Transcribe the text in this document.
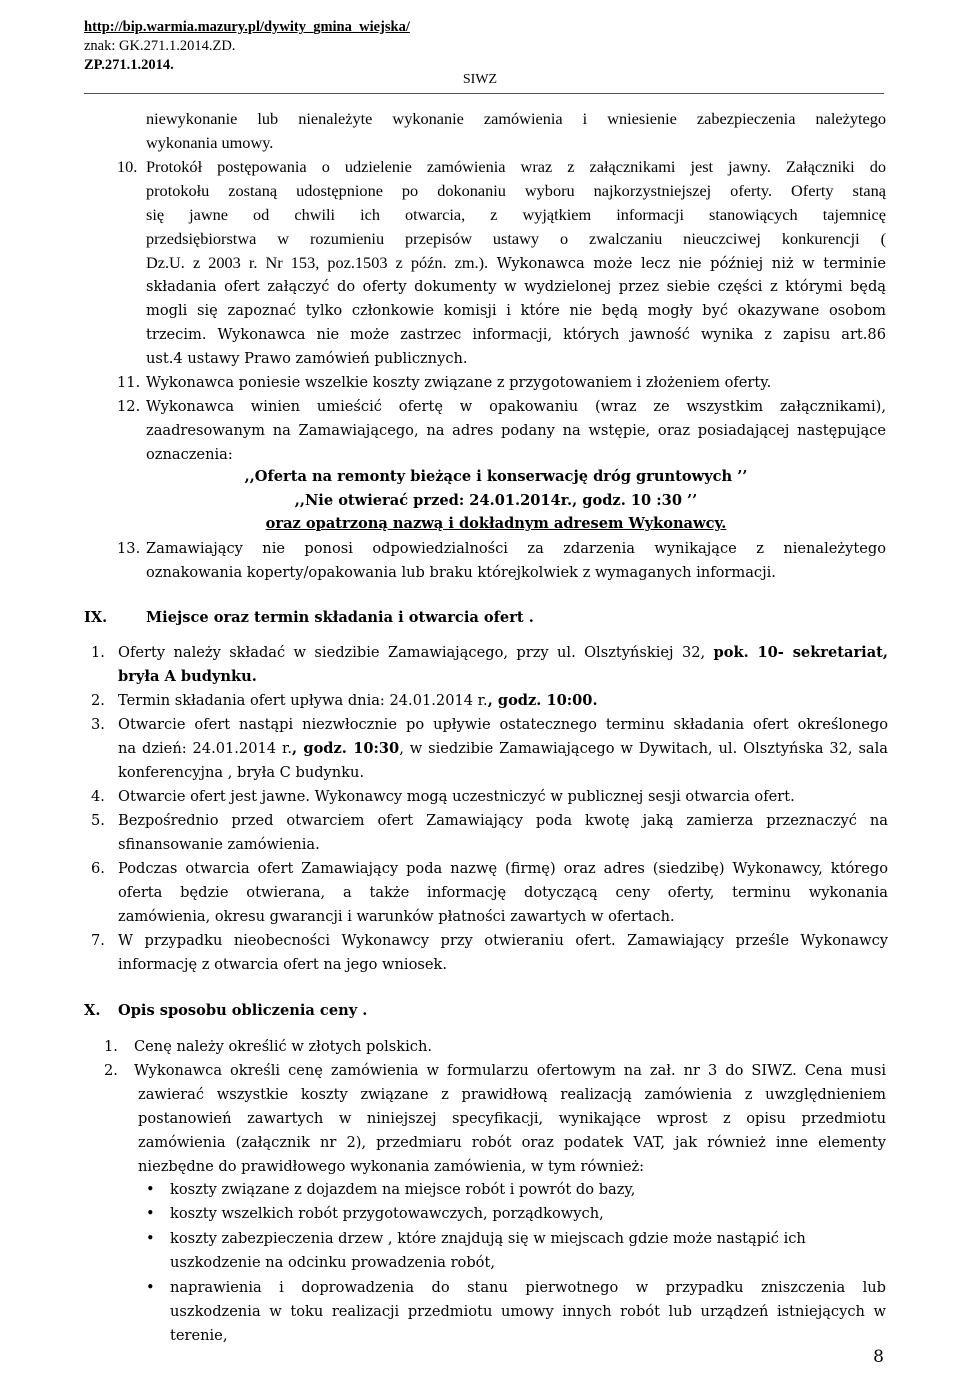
http://bip.warmia.mazury.pl/dywity_gmina_wiejska/
znak: GK.271.1.2014.ZD.
ZP.271.1.2014.
SIWZ
niewykonanie lub nienależyte wykonanie zamówienia i wniesienie zabezpieczenia należytego
wykonania umowy.
10. Protokół postępowania o udzielenie zamówienia wraz z załącznikami jest jawny. Załączniki do
protokołu zostaną udostępnione po dokonaniu wyboru najkorzystniejszej oferty. Oferty staną
się jawne od chwili ich otwarcia, z wyjątkiem informacji stanowiących tajemnicę
przedsiębiorstwa w rozumieniu przepisów ustawy o zwalczaniu nieuczciwej konkurencji (
Dz.U. z 2003 r. Nr 153, poz.1503 z późn. zm.). Wykonawca może lecz nie później niż w terminie
składania ofert załączyć do oferty dokumenty w wydzielonej przez siebie części z którymi będą
mogli się zapoznać tylko członkowie komisji i które nie będą mogły być okazywane osobom
trzecim. Wykonawca nie może zastrzec informacji, których jawność wynika z zapisu art.86
ust.4 ustawy Prawo zamówień publicznych.
11. Wykonawca poniesie wszelkie koszty związane z przygotowaniem i złożeniem oferty.
12. Wykonawca winien umieścić ofertę w opakowaniu (wraz ze wszystkim załącznikami),
zaadresowanym na Zamawiającego, na adres podany na wstępie, oraz posiadającej następujące
oznaczenia:
,,Oferta na remonty bieżące i konserwację dróg gruntowych ’’
,,Nie otwierać przed: 24.01.2014r., godz. 10 :30 ’’
oraz opatrzoną nazwą i dokładnym adresem Wykonawcy.
13. Zamawiający nie ponosi odpowiedzialności za zdarzenia wynikające z nienależytego
oznakowania koperty/opakowania lub braku którejkolwiek z wymaganych informacji.
IX.	Miejsce oraz termin składania i otwarcia ofert .
1. Oferty należy składać w siedzibie Zamawiającego, przy ul. Olsztyńskiej 32, pok. 10- sekretariat,
bryła A budynku.
2. Termin składania ofert upływa dnia: 24.01.2014 r., godz. 10:00.
3. Otwarcie ofert nastąpi niezwłocznie po upływie ostatecznego terminu składania ofert określonego
na dzień: 24.01.2014 r., godz. 10:30, w siedzibie Zamawiającego w Dywitach, ul. Olsztyńska 32, sala
konferencyjna , bryła C budynku.
4. Otwarcie ofert jest jawne. Wykonawcy mogą uczestniczyć w publicznej sesji otwarcia ofert.
5. Bezpośrednio przed otwarciem ofert Zamawiający poda kwotę jaką zamierza przeznaczyć na
sfinansowanie zamówienia.
6. Podczas otwarcia ofert Zamawiający poda nazwę (firmę) oraz adres (siedzibę) Wykonawcy, którego
oferta będzie otwierana, a także informację dotyczącą ceny oferty, terminu wykonania
zamówienia, okresu gwarancji i warunków płatności zawartych w ofertach.
7. W przypadku nieobecności Wykonawcy przy otwieraniu ofert. Zamawiający prześle Wykonawcy
informację z otwarcia ofert na jego wniosek.
X. Opis sposobu obliczenia ceny .
1. Cenę należy określić w złotych polskich.
2. Wykonawca określi cenę zamówienia w formularzu ofertowym na zał. nr 3 do SIWZ. Cena musi
zawierać wszystkie koszty związane z prawidłową realizacją zamówienia z uwzględnieniem
postanowień zawartych w niniejszej specyfikacji, wynikające wprost z opisu przedmiotu
zamówienia (załącznik nr 2), przedmiaru robót oraz podatek VAT, jak również inne elementy
niezbędne do prawidłowego wykonania zamówienia, w tym również:
• koszty związane z dojazdem na miejsce robót i powrót do bazy,
• koszty wszelkich robót przygotowawczych, porządkowych,
• koszty zabezpieczenia drzew , które znajdują się w miejscach gdzie może nastąpić ich
uszkodzenie na odcinku prowadzenia robót,
• naprawienia i doprowadzenia do stanu pierwotnego w przypadku zniszczenia lub
uszkodzenia w toku realizacji przedmiotu umowy innych robót lub urządzeń istniejących w
terenie,
8
